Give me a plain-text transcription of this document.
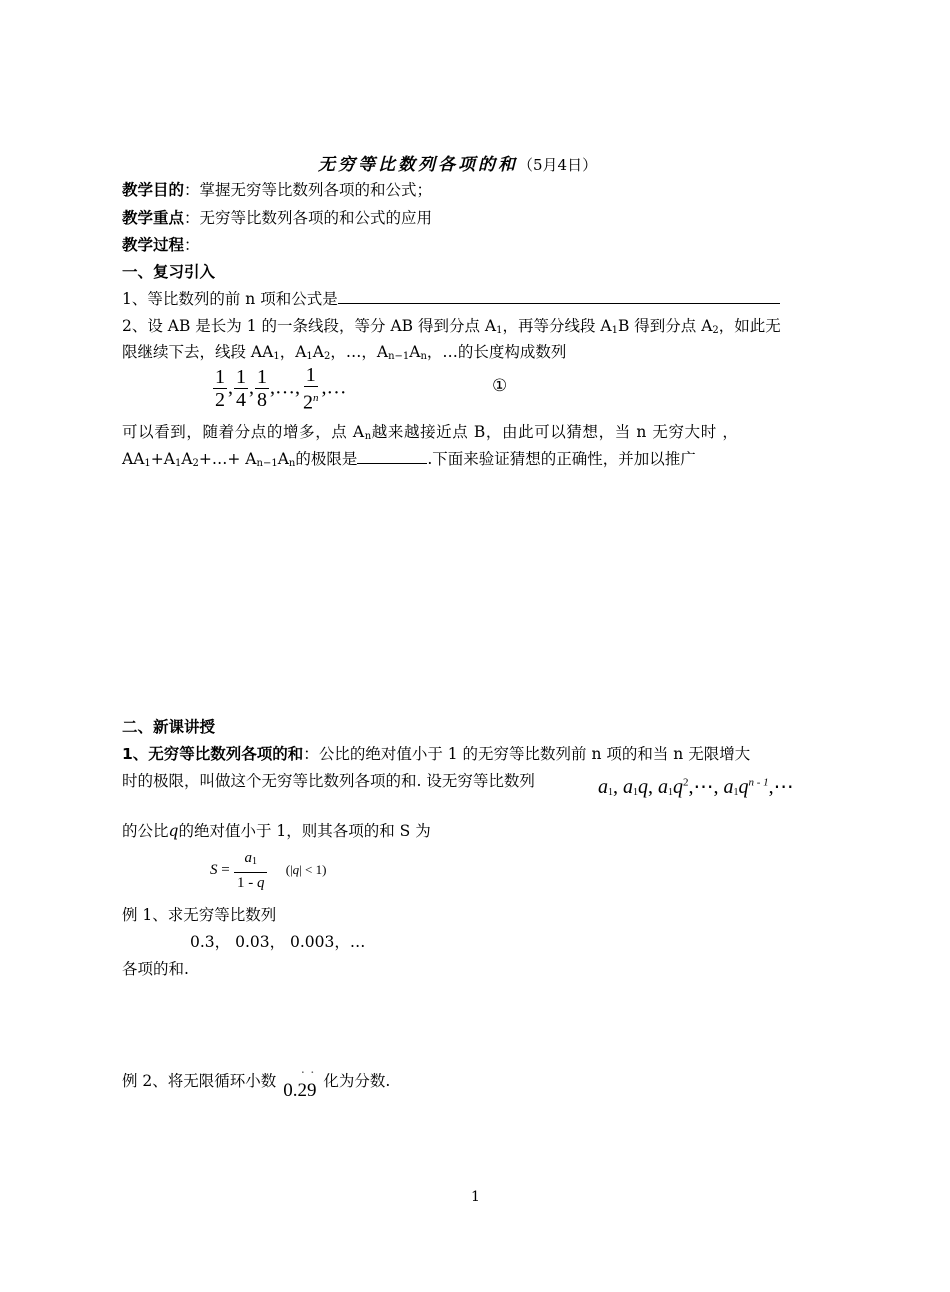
无穷等比数列各项的和（5月4日）
教学目的：掌握无穷等比数列各项的和公式；
教学重点：无穷等比数列各项的和公式的应用
教学过程：
一、复习引入
1、等比数列的前 n 项和公式是
2、设 AB 是长为 1 的一条线段，等分 AB 得到分点 $A_1$，再等分线段 $A_1B$ 得到分点 $A_2$，如此无
限继续下去，线段 $AA_1$，$A_1A_2$，…，$A_{n-1}A_n$，…的长度构成数列
$\frac{1}{2}$ , $\frac{1}{4}$ , $\frac{1}{8}$ ,…, $\frac{1}{2^n}$ ,…	①
可以看到，随着分点的增多，点 $A_n$越来越接近点 B，由此可以猜想，当 n 无穷大时 ，
$AA_1+A_1A_2+\dots+ A_{n-1}A_n$的极限是	.下面来验证猜想的正确性，并加以推广
二、新课讲授
1、无穷等比数列各项的和：公比的绝对值小于 1 的无穷等比数列前 n 项的和当 n 无限增大
时的极限，叫做这个无穷等比数列各项的和. 设无穷等比数列	$a_1$, $a_1q$, $a_1q^2,\cdots$, $a_1q^{n - 1},\cdots$
的公比q的绝对值小于 1，则其各项的和 S 为
$S = \frac{a_1}{1 - q} (|q| < 1)$
例 1、求无穷等比数列
0.3， 0.03， 0.003，…
各项的和.
例 2、将无限循环小数 0.
·
2
·
9 化为分数.
1
